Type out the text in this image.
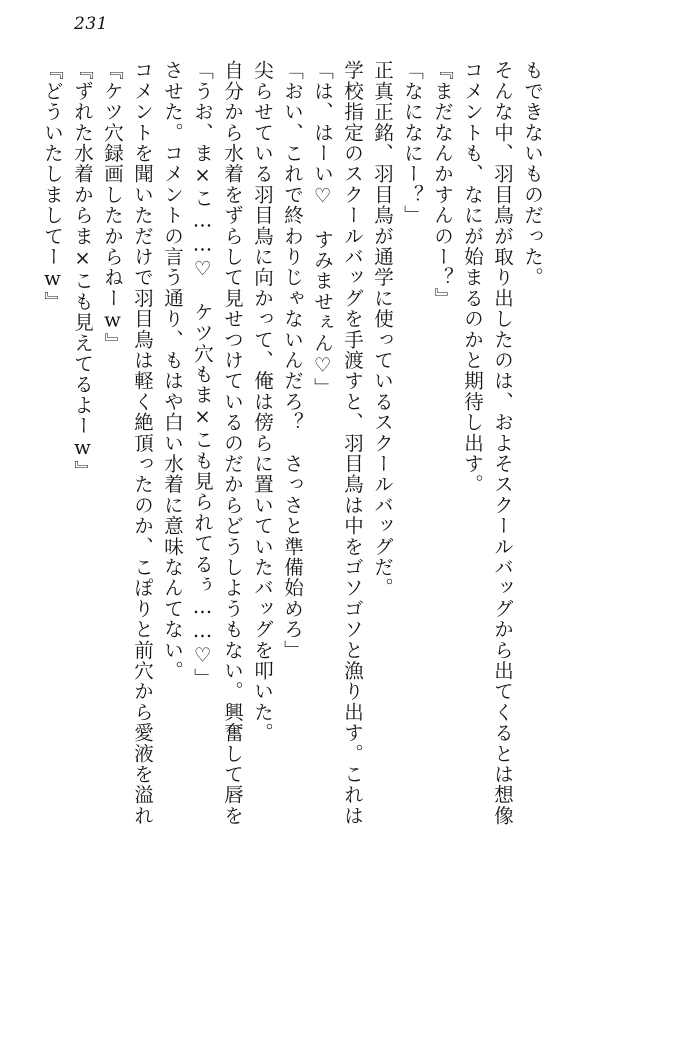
231
『どういたしましてーw』 『ずれた水着からま×こも見えてるよーw』 『ケツ穴録画したからねーw』 コメントを聞いただけで羽目鳥は軽く絶頂ったのか、こぽりと前穴から愛液を溢れ させた。コメントの言う通り、もはや白い水着に意味なんてない。 「うお、ま×こ……♡　ケツ穴もま×こも見られてるぅ……♡」 自分から水着をずらして見せつけているのだからどうしようもない。興奮して唇を 尖らせている羽目鳥に向かって、俺は傍らに置いていたバッグを叩いた。 「おい、これで終わりじゃないんだろ？　さっさと準備始めろ」 「は、はーい♡　すみませぇん♡」 学校指定のスクールバッグを手渡すと、羽目鳥は中をゴソゴソと漁り出す。これは 正真正銘、羽目鳥が通学に使っているスクールバッグだ。 「なになにー？」 『まだなんかすんのー？』 コメントも、なにが始まるのかと期待し出す。 そんな中、羽目鳥が取り出したのは、およそスクールバッグから出てくるとは想像 もできないものだった。
